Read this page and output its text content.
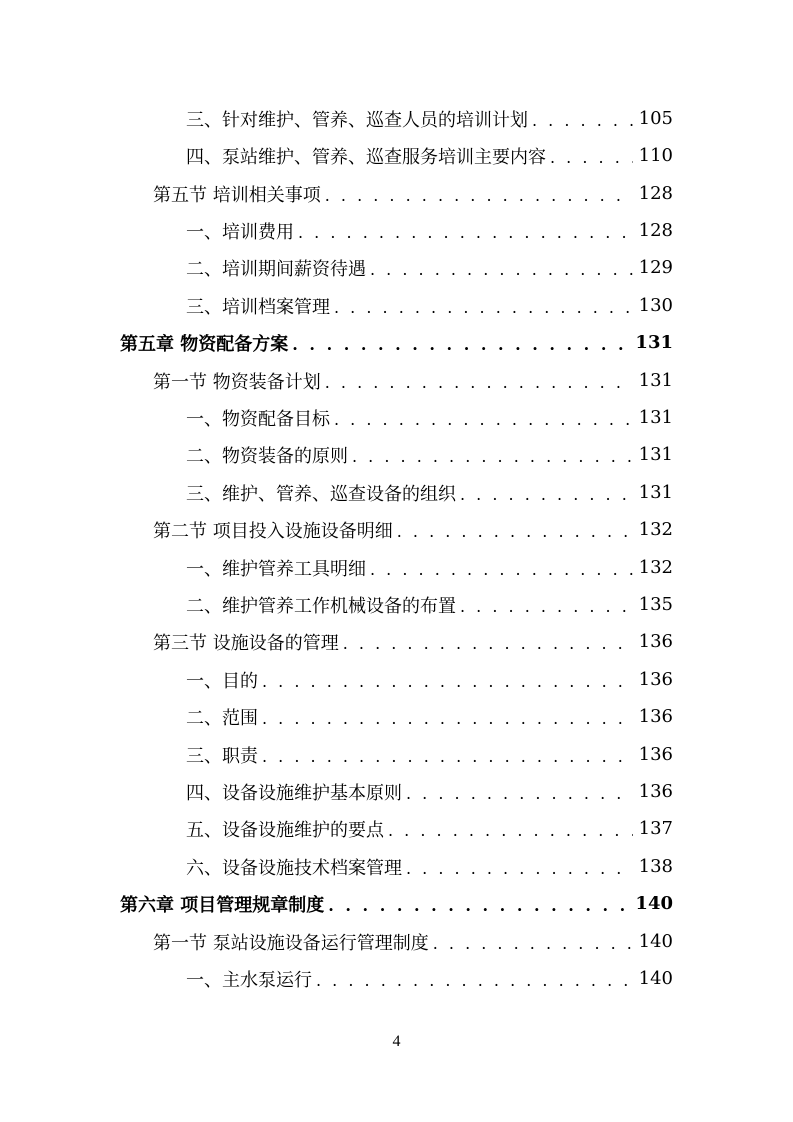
三、针对维护、管养、巡查人员的培训计划 . . .	105
四、泵站维护、管养、巡查服务培训主要内容 . . .	110
第五节 培训相关事项 . . .	128
一、培训费用 . . .	128
二、培训期间薪资待遇 . . .	129
三、培训档案管理 . . .	130
第五章 物资配备方案 . . .	131
第一节 物资装备计划 . . .	131
一、物资配备目标 . . .	131
二、物资装备的原则 . . .	131
三、维护、管养、巡查设备的组织 . . .	131
第二节 项目投入设施设备明细 . . .	132
一、维护管养工具明细 . . .	132
二、维护管养工作机械设备的布置 . . .	135
第三节 设施设备的管理 . . .	136
一、目的 . . .	136
二、范围 . . .	136
三、职责 . . .	136
四、设备设施维护基本原则 . . .	136
五、设备设施维护的要点 . . .	137
六、设备设施技术档案管理 . . .	138
第六章 项目管理规章制度 . . .	140
第一节 泵站设施设备运行管理制度 . . .	140
一、主水泵运行 . . .	140
4
